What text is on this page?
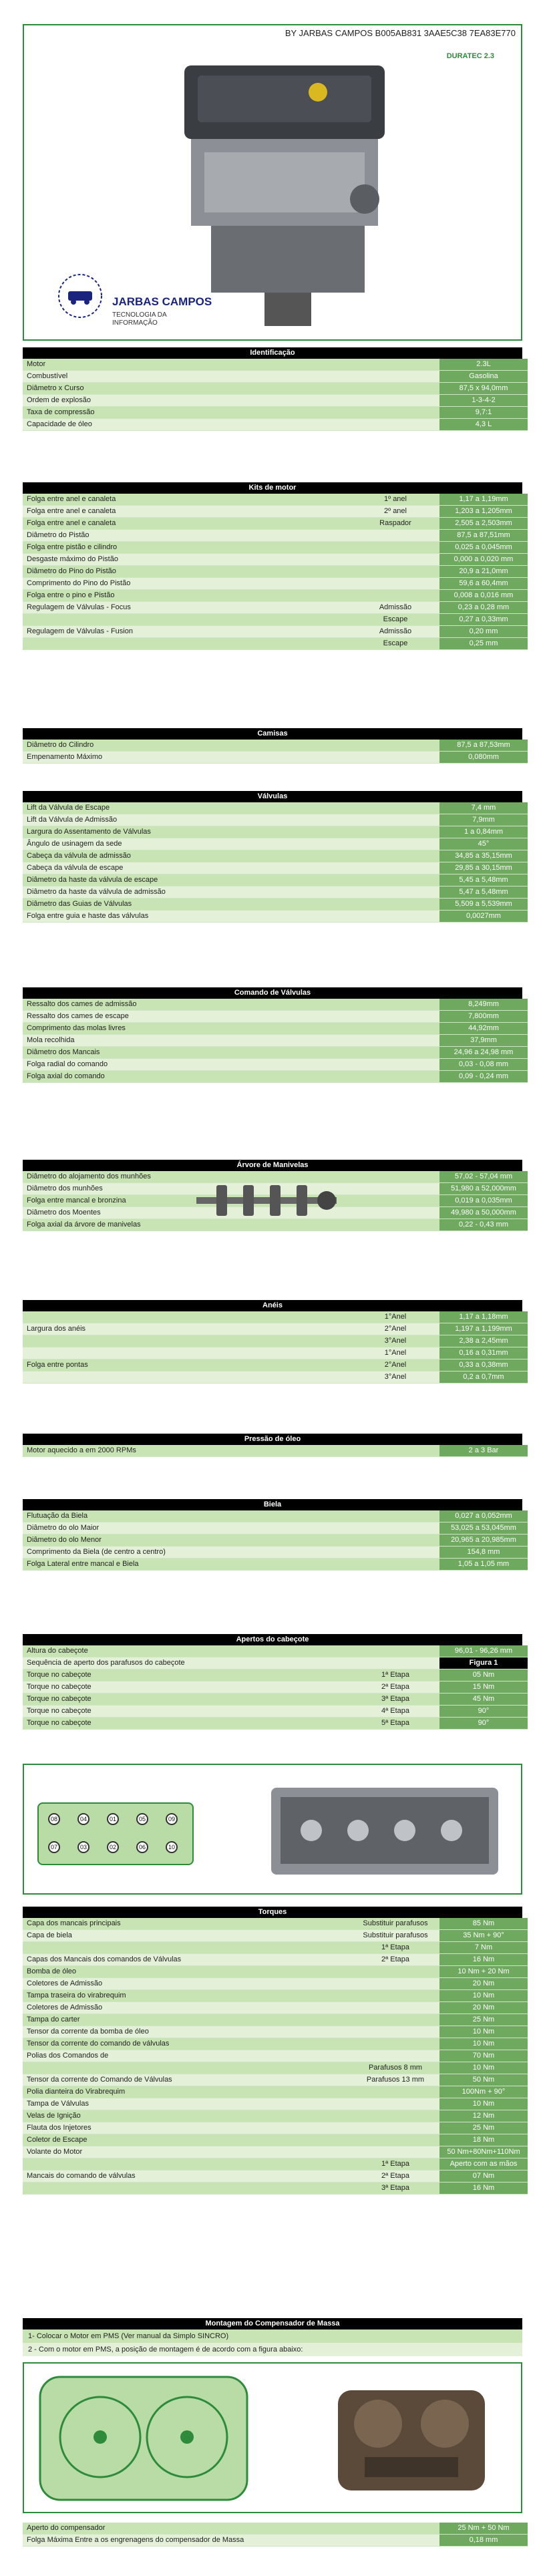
BY JARBAS CAMPOS B005AB831 3AAE5C38 7EA83E770
DURATEC 2.3
JARBAS CAMPOS
TECNOLOGIA DA INFORMAÇÃO
Identificação
Motor		2.3L
Combustível		Gasolina
Diâmetro x Curso		87,5 x 94,0mm
Ordem de explosão		1-3-4-2
Taxa de compressão		9,7:1
Capacidade de óleo		4,3 L
Kits de motor
Folga entre anel e canaleta	1º anel	1,17 a 1,19mm
Folga entre anel e canaleta	2º anel	1,203 a 1,205mm
Folga entre anel e canaleta	Raspador	2,505 a 2,503mm
Diâmetro do Pistão		87,5 a 87,51mm
Folga entre pistão e cilindro		0,025 a 0,045mm
Desgaste máximo do Pistão		0,000 a 0,020 mm
Diâmetro do Pino do Pistão		20,9 a 21,0mm
Comprimento do Pino do Pistão		59,6 a 60,4mm
Folga entre o pino e Pistão		0,008 a 0,016 mm
Regulagem de Válvulas - Focus	Admissão	0,23 a 0,28 mm
	Escape	0,27 a 0,33mm
Regulagem de Válvulas - Fusion	Admissão	0,20 mm
	Escape	0,25 mm
Camisas
Diâmetro do Cilindro		87,5 a 87,53mm
Empenamento Máximo		0,080mm
Válvulas
Lift da Válvula de Escape		7,4 mm
Lift da Válvula de Admissão		7,9mm
Largura do Assentamento de Válvulas		1 a 0,84mm
Ângulo de usinagem da sede		45°
Cabeça da válvula de admissão		34,85 a 35,15mm
Cabeça da válvula de escape		29,85 a 30,15mm
Diâmetro da haste da válvula de escape		5,45 a 5,48mm
Diâmetro da haste da válvula de admissão		5,47 a 5,48mm
Diâmetro das Guias de Válvulas		5,509 a 5,539mm
Folga entre guia e haste das válvulas		0,0027mm
Comando de Válvulas
Ressalto dos cames de admissão		8,249mm
Ressalto dos cames de escape		7,800mm
Comprimento das molas livres		44,92mm
Mola recolhida		37,9mm
Diâmetro dos Mancais		24,96 a 24,98 mm
Folga radial do comando		0,03 - 0,08 mm
Folga axial do comando		0,09 - 0,24 mm
Árvore de Manivelas
Diâmetro do alojamento dos munhões		57,02 - 57,04 mm
Diâmetro dos munhões		51,980 a 52,000mm
Folga entre mancal e bronzina		0,019 a 0,035mm
Diâmetro dos Moentes		49,980 a 50,000mm
Folga axial da árvore de manivelas		0,22 - 0,43 mm
Anéis
	1°Anel	1,17 a 1,18mm
Largura dos anéis	2°Anel	1,197 a 1,199mm
	3°Anel	2,38 a 2,45mm
	1°Anel	0,16 a 0,31mm
Folga entre pontas	2°Anel	0,33 a 0,38mm
	3°Anel	0,2 a 0,7mm
Pressão de óleo
Motor aquecido a em 2000 RPMs		2 a 3 Bar
Biela
Flutuação da Biela		0,027 a 0,052mm
Diâmetro do olo Maior		53,025 a 53,045mm
Diâmetro do olo Menor		20,965 a 20,985mm
Comprimento da Biela (de centro a centro)		154,8 mm
Folga Lateral entre mancal e Biela		1,05 a 1,05 mm
Apertos do cabeçote
Altura do cabeçote		96,01 - 96,26 mm
Sequência de aperto dos parafusos do cabeçote		Figura 1
Torque no cabeçote	1ª Etapa	05 Nm
Torque no cabeçote	2ª Etapa	15 Nm
Torque no cabeçote	3ª Etapa	45 Nm
Torque no cabeçote	4ª Etapa	90°
Torque no cabeçote	5ª Etapa	90°
08	04	01	05	09
07	03	02	06	10
Torques
Capa dos mancais principais	Substituir parafusos	85 Nm
Capa de biela	Substituir parafusos	35 Nm + 90°
	1ª Etapa	7 Nm
Capas dos Mancais dos comandos de Válvulas	2ª Etapa	16 Nm
Bomba de óleo		10 Nm + 20 Nm
Coletores de Admissão		20 Nm
Tampa traseira do virabrequim		10 Nm
Coletores de Admissão		20 Nm
Tampa do carter		25 Nm
Tensor da corrente da bomba de óleo		10 Nm
Tensor da corrente do comando de válvulas		10 Nm
Polias dos Comandos de		70 Nm
	Parafusos 8 mm	10 Nm
Tensor da corrente do Comando de Válvulas	Parafusos 13 mm	50 Nm
Polia dianteira do Virabrequim		100Nm + 90°
Tampa de Válvulas		10 Nm
Velas de Ignição		12 Nm
Flauta dos Injetores		25 Nm
Coletor de Escape		18 Nm
Volante do Motor		50 Nm+80Nm+110Nm
	1ª Etapa	Aperto com as mãos
Mancais do comando de válvulas	2ª Etapa	07 Nm
	3ª Etapa	16 Nm
Montagem do Compensador de Massa
1- Colocar o Motor em PMS (Ver manual da Simplo SINCRO)
2 - Com o motor em PMS, a posição de montagem é de acordo com a figura abaixo:
Aperto do compensador		25 Nm + 50 Nm
Folga Máxima Entre a os engrenagens do compensador de Massa		0,18 mm
